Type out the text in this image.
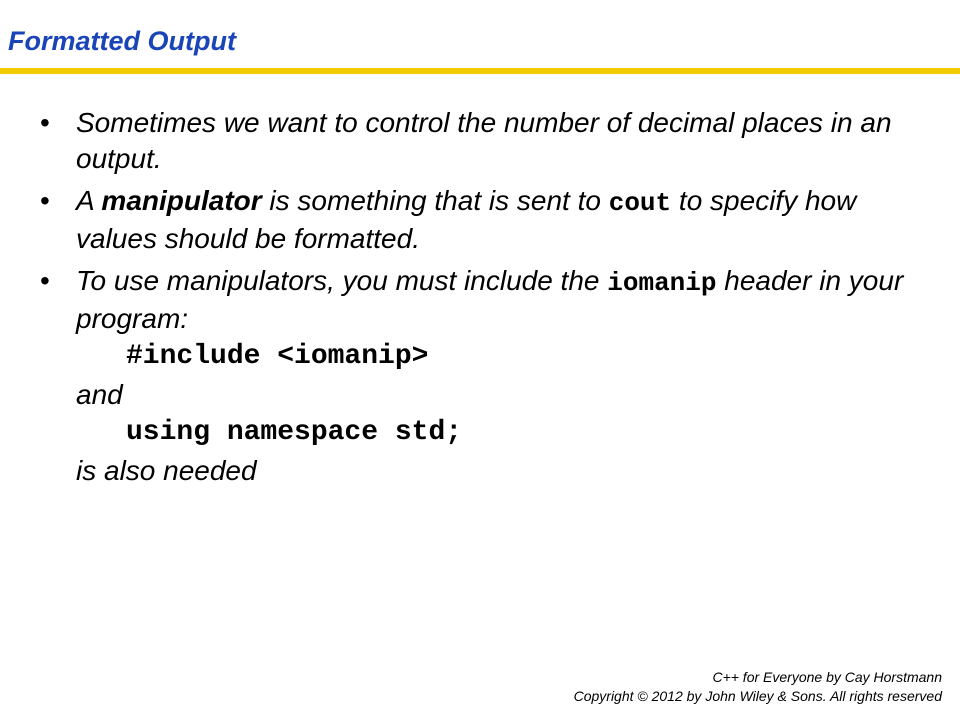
Formatted Output
• Sometimes we want to control the number of decimal places in an output.
• A manipulator is something that is sent to cout to specify how values should be formatted.
• To use manipulators, you must include the iomanip header in your program:
#include <iomanip>
and
using namespace std;
is also needed
C++ for Everyone by Cay Horstmann
Copyright © 2012 by John Wiley & Sons. All rights reserved
